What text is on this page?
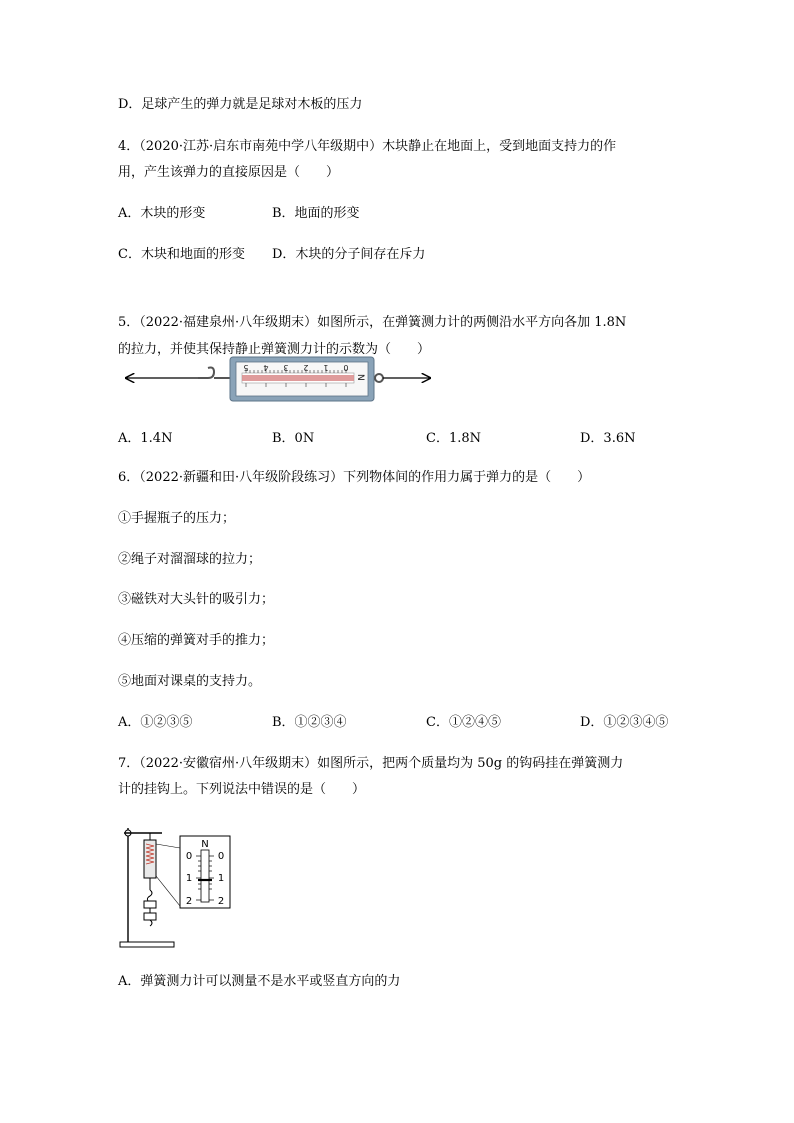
D．足球产生的弹力就是足球对木板的压力
4．（2020·江苏·启东市南苑中学八年级期中）木块静止在地面上，受到地面支持力的作
用，产生该弹力的直接原因是（　　）
A．木块的形变	B．地面的形变
C．木块和地面的形变 D．木块的分子间存在斥力
5．（2022·福建泉州·八年级期末）如图所示，在弹簧测力计的两侧沿水平方向各加 1.8N
的拉力，并使其保持静止弹簧测力计的示数为（　　）
5 4 3 2 1 0
N
A．1.4N	B．0N	C．1.8N	D．3.6N
6．（2022·新疆和田·八年级阶段练习）下列物体间的作用力属于弹力的是（　　）
①手握瓶子的压力；
②绳子对溜溜球的拉力；
③磁铁对大头针的吸引力；
④压缩的弹簧对手的推力；
⑤地面对课桌的支持力。
A．①②③⑤	B．①②③④	C．①②④⑤	D．①②③④⑤
7．（2022·安徽宿州·八年级期末）如图所示，把两个质量均为 50g 的钩码挂在弹簧测力
计的挂钩上。下列说法中错误的是（　　）
N
0
1
2
0
1
2
A．弹簧测力计可以测量不是水平或竖直方向的力
